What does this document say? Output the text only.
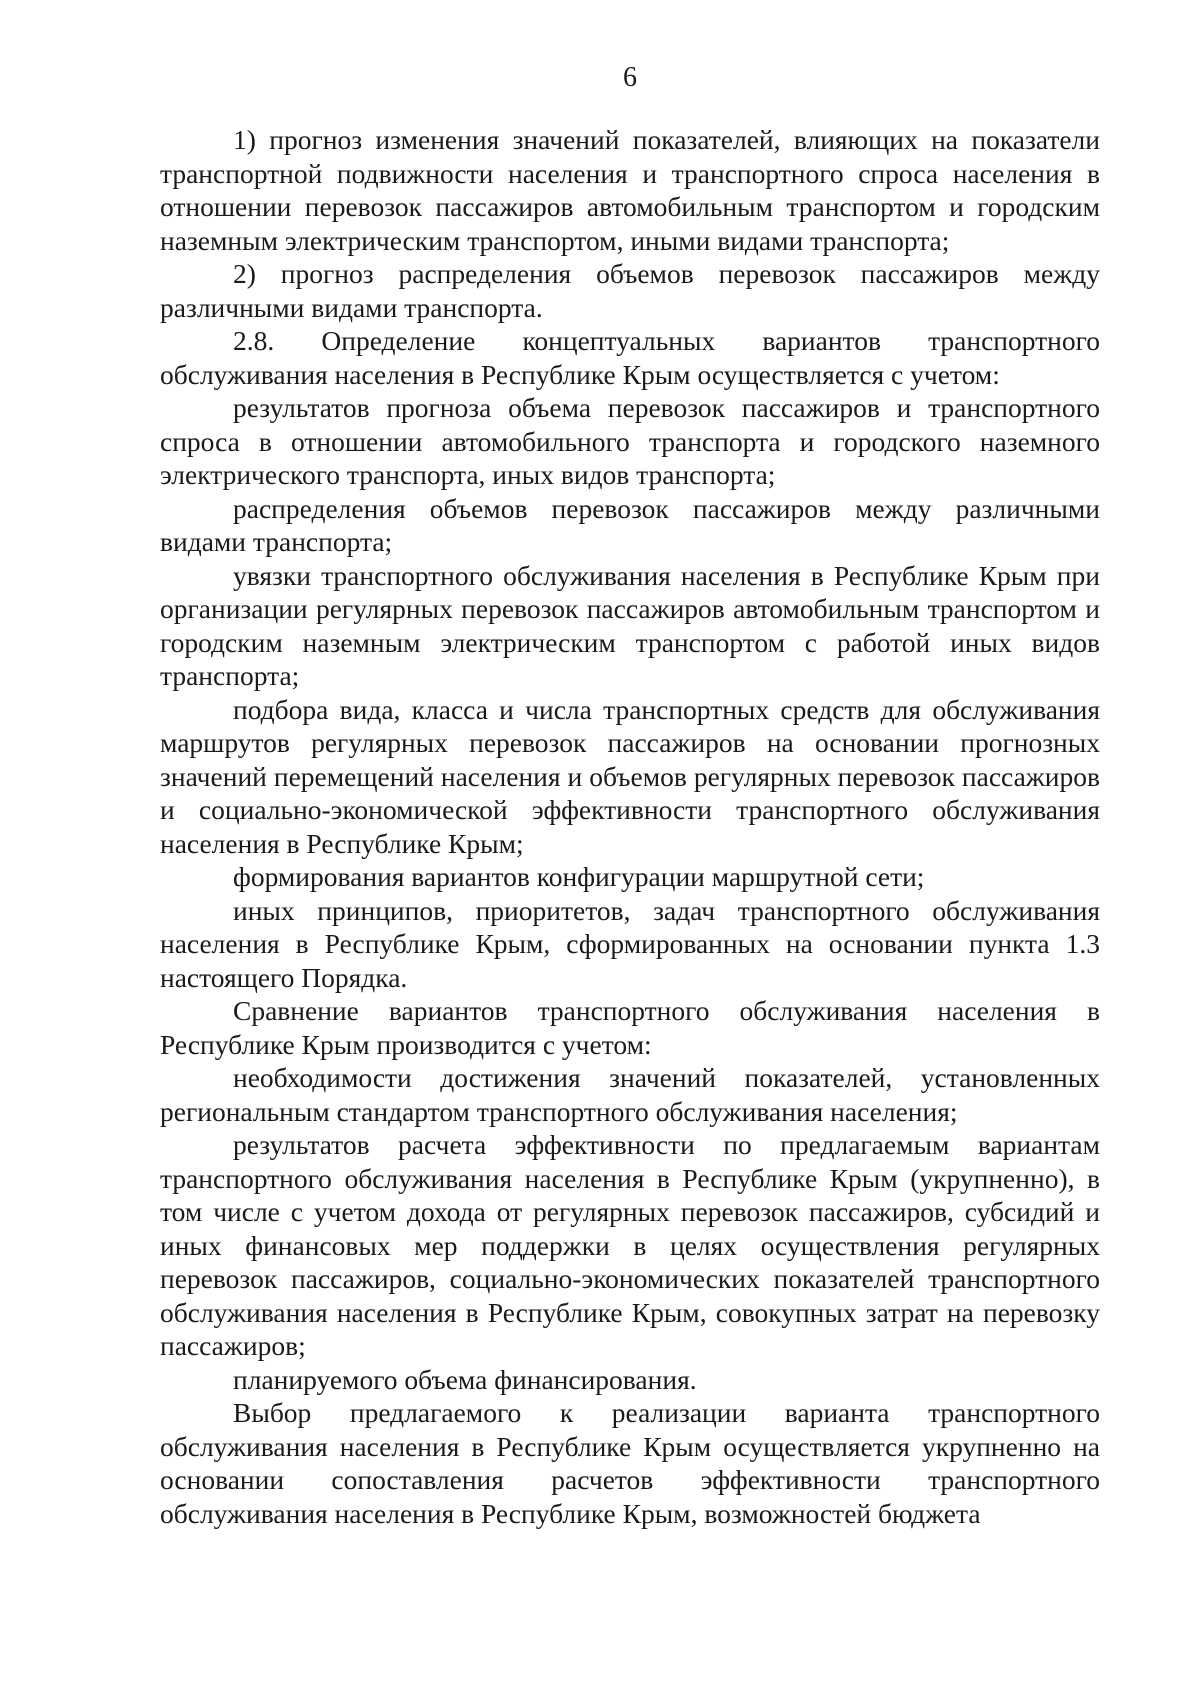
6

1) прогноз изменения значений показателей, влияющих на показатели транспортной подвижности населения и транспортного спроса населения в отношении перевозок пассажиров автомобильным транспортом и городским наземным электрическим транспортом, иными видами транспорта;

2) прогноз распределения объемов перевозок пассажиров между различными видами транспорта.

2.8. Определение концептуальных вариантов транспортного обслуживания населения в Республике Крым осуществляется с учетом:

результатов прогноза объема перевозок пассажиров и транспортного спроса в отношении автомобильного транспорта и городского наземного электрического транспорта, иных видов транспорта;

распределения объемов перевозок пассажиров между различными видами транспорта;

увязки транспортного обслуживания населения в Республике Крым при организации регулярных перевозок пассажиров автомобильным транспортом и городским наземным электрическим транспортом с работой иных видов транспорта;

подбора вида, класса и числа транспортных средств для обслуживания маршрутов регулярных перевозок пассажиров на основании прогнозных значений перемещений населения и объемов регулярных перевозок пассажиров и социально-экономической эффективности транспортного обслуживания населения в Республике Крым;

формирования вариантов конфигурации маршрутной сети;

иных принципов, приоритетов, задач транспортного обслуживания населения в Республике Крым, сформированных на основании пункта 1.3 настоящего Порядка.

Сравнение вариантов транспортного обслуживания населения в Республике Крым производится с учетом:

необходимости достижения значений показателей, установленных региональным стандартом транспортного обслуживания населения;

результатов расчета эффективности по предлагаемым вариантам транспортного обслуживания населения в Республике Крым (укрупненно), в том числе с учетом дохода от регулярных перевозок пассажиров, субсидий и иных финансовых мер поддержки в целях осуществления регулярных перевозок пассажиров, социально-экономических показателей транспортного обслуживания населения в Республике Крым, совокупных затрат на перевозку пассажиров;

планируемого объема финансирования.

Выбор предлагаемого к реализации варианта транспортного обслуживания населения в Республике Крым осуществляется укрупненно на основании сопоставления расчетов эффективности транспортного обслуживания населения в Республике Крым, возможностей бюджета
